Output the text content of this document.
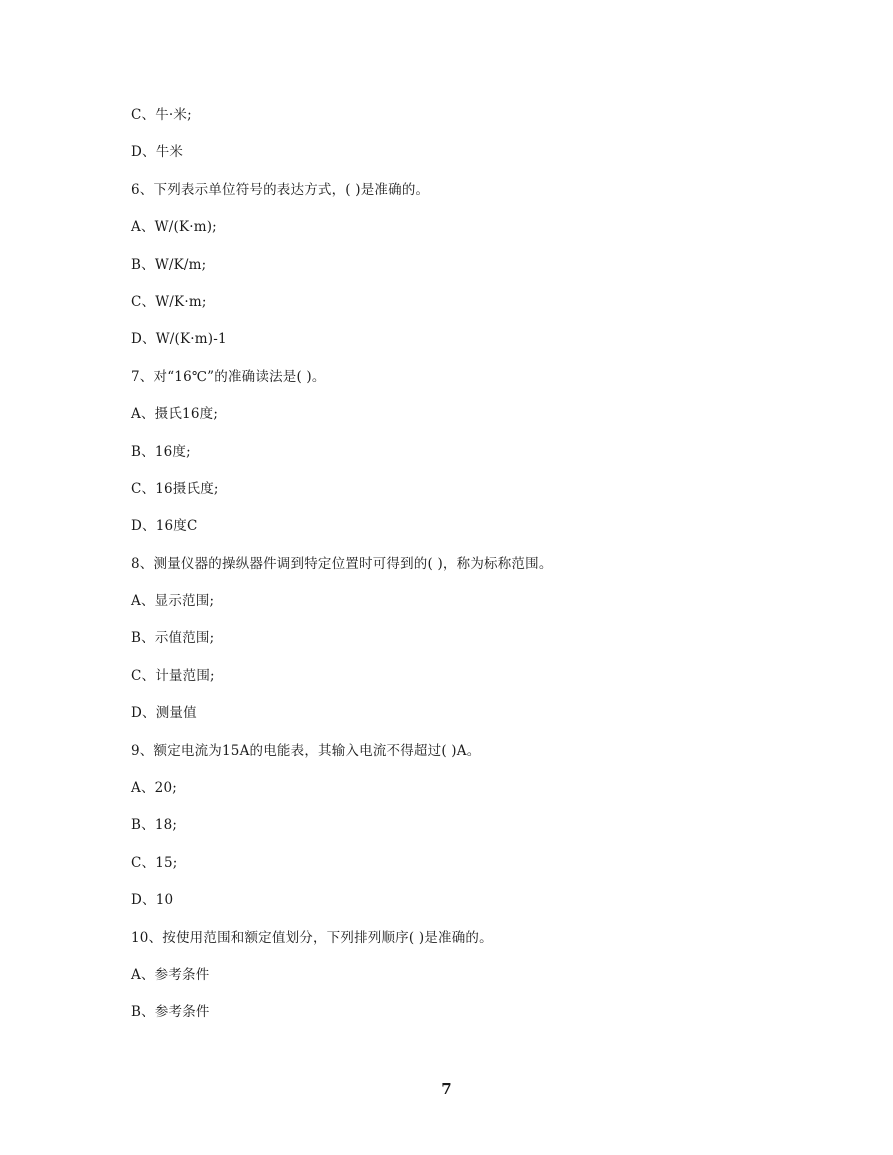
C、牛·米;
D、牛米
6、下列表示单位符号的表达方式，( )是准确的。
A、W/(K·m);
B、W/K/m;
C、W/K·m;
D、W/(K·m)-1
7、对“16℃”的准确读法是( )。
A、摄氏16度;
B、16度;
C、16摄氏度;
D、16度C
8、测量仪器的操纵器件调到特定位置时可得到的( )，称为标称范围。
A、显示范围;
B、示值范围;
C、计量范围;
D、测量值
9、额定电流为15A的电能表，其输入电流不得超过( )A。
A、20;
B、18;
C、15;
D、10
10、按使用范围和额定值划分，下列排列顺序( )是准确的。
A、参考条件
B、参考条件
7
